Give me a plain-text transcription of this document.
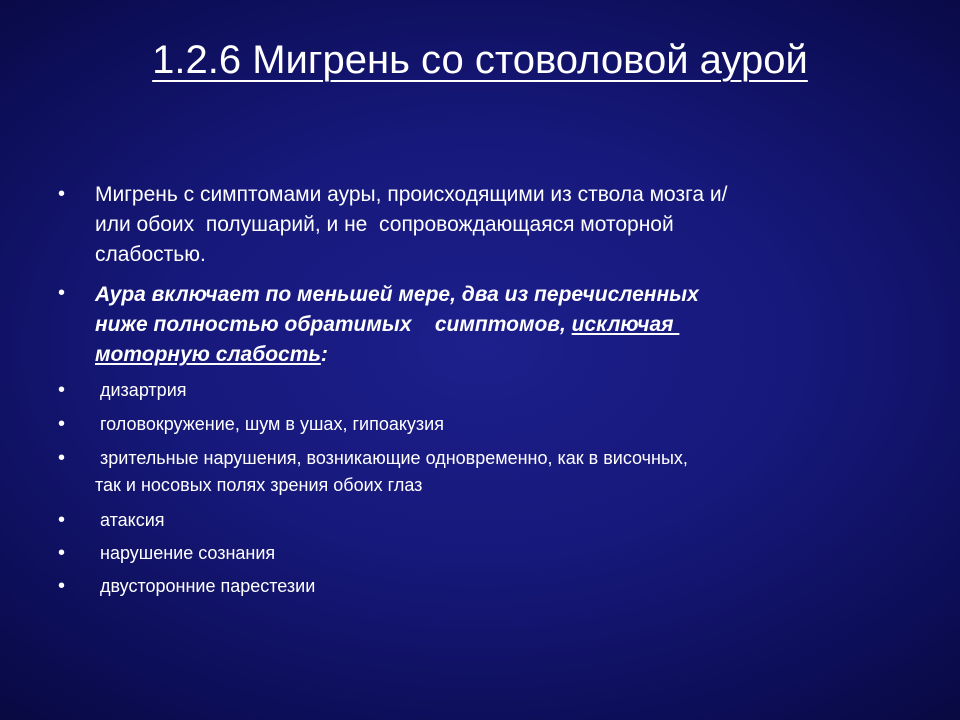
1.2.6 Мигрень со стоволовой аурой
• Мигрень с симптомами ауры, происходящими из ствола мозга и/
или обоих  полушарий, и не  сопровождающаяся моторной
слабостью.
• Аура включает по меньшей мере, два из перечисленных
ниже полностью обратимых    симптомов, исключая
моторную слабость:
• дизартрия
• головокружение, шум в ушах, гипоакузия
• зрительные нарушения, возникающие одновременно, как в височных,
так и носовых полях зрения обоих глаз
• атаксия
• нарушение сознания
• двусторонние парестезии
